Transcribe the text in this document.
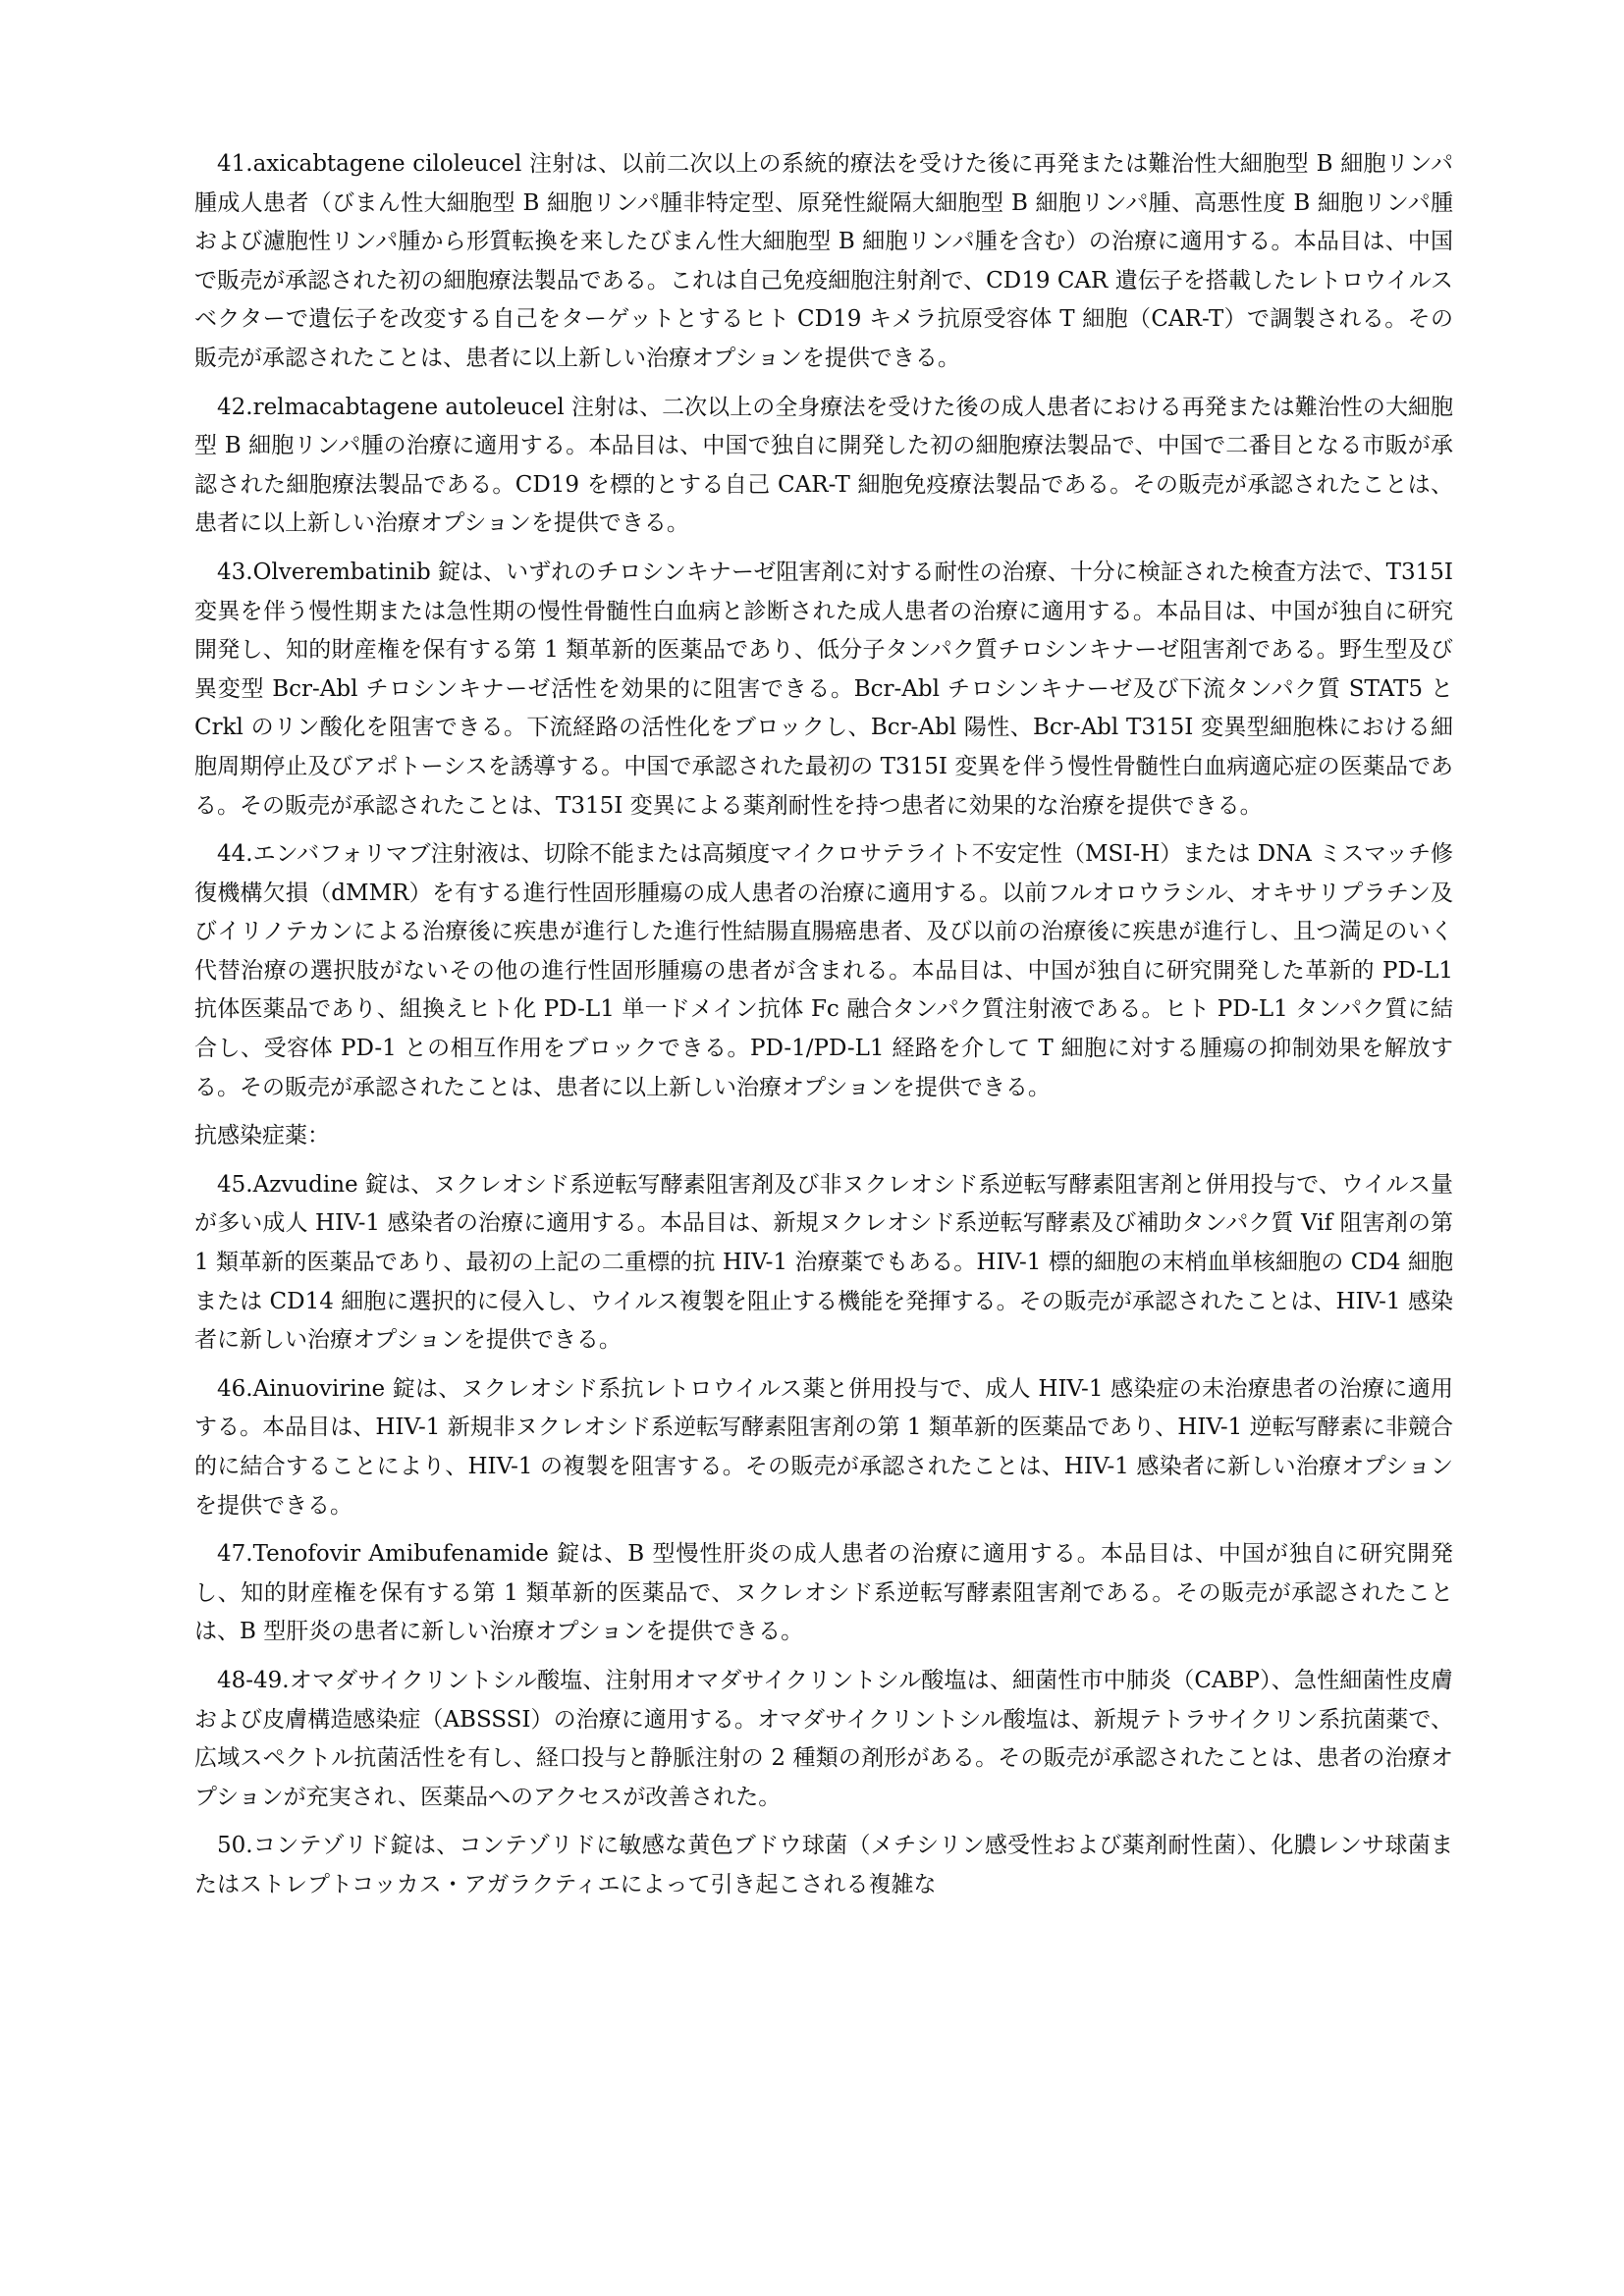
41.axicabtagene ciloleucel 注射は、以前二次以上の系統的療法を受けた後に再発または難治性大細胞型 B 細胞リンパ腫成人患者（びまん性大細胞型 B 細胞リンパ腫非特定型、原発性縦隔大細胞型 B 細胞リンパ腫、高悪性度 B 細胞リンパ腫および濾胞性リンパ腫から形質転換を来したびまん性大細胞型 B 細胞リンパ腫を含む）の治療に適用する。本品目は、中国で販売が承認された初の細胞療法製品である。これは自己免疫細胞注射剤で、CD19 CAR 遺伝子を搭載したレトロウイルスベクターで遺伝子を改変する自己をターゲットとするヒト CD19 キメラ抗原受容体 T 細胞（CAR-T）で調製される。その販売が承認されたことは、患者に以上新しい治療オプションを提供できる。

42.relmacabtagene autoleucel 注射は、二次以上の全身療法を受けた後の成人患者における再発または難治性の大細胞型 B 細胞リンパ腫の治療に適用する。本品目は、中国で独自に開発した初の細胞療法製品で、中国で二番目となる市販が承認された細胞療法製品である。CD19 を標的とする自己 CAR-T 細胞免疫療法製品である。その販売が承認されたことは、患者に以上新しい治療オプションを提供できる。

43.Olverembatinib 錠は、いずれのチロシンキナーゼ阻害剤に対する耐性の治療、十分に検証された検査方法で、T315I 変異を伴う慢性期または急性期の慢性骨髄性白血病と診断された成人患者の治療に適用する。本品目は、中国が独自に研究開発し、知的財産権を保有する第 1 類革新的医薬品であり、低分子タンパク質チロシンキナーゼ阻害剤である。野生型及び異変型 Bcr-Abl チロシンキナーゼ活性を効果的に阻害できる。Bcr-Abl チロシンキナーゼ及び下流タンパク質 STAT5 と Crkl のリン酸化を阻害できる。下流経路の活性化をブロックし、Bcr-Abl 陽性、Bcr-Abl T315I 変異型細胞株における細胞周期停止及びアポトーシスを誘導する。中国で承認された最初の T315I 変異を伴う慢性骨髄性白血病適応症の医薬品である。その販売が承認されたことは、T315I 変異による薬剤耐性を持つ患者に効果的な治療を提供できる。

44.エンバフォリマブ注射液は、切除不能または高頻度マイクロサテライト不安定性（MSI-H）または DNA ミスマッチ修復機構欠損（dMMR）を有する進行性固形腫瘍の成人患者の治療に適用する。以前フルオロウラシル、オキサリプラチン及びイリノテカンによる治療後に疾患が進行した進行性結腸直腸癌患者、及び以前の治療後に疾患が進行し、且つ満足のいく代替治療の選択肢がないその他の進行性固形腫瘍の患者が含まれる。本品目は、中国が独自に研究開発した革新的 PD-L1 抗体医薬品であり、組換えヒト化 PD-L1 単一ドメイン抗体 Fc 融合タンパク質注射液である。ヒト PD-L1 タンパク質に結合し、受容体 PD-1 との相互作用をブロックできる。PD-1/PD-L1 経路を介して T 細胞に対する腫瘍の抑制効果を解放する。その販売が承認されたことは、患者に以上新しい治療オプションを提供できる。

抗感染症薬：

45.Azvudine 錠は、ヌクレオシド系逆転写酵素阻害剤及び非ヌクレオシド系逆転写酵素阻害剤と併用投与で、ウイルス量が多い成人 HIV-1 感染者の治療に適用する。本品目は、新規ヌクレオシド系逆転写酵素及び補助タンパク質 Vif 阻害剤の第 1 類革新的医薬品であり、最初の上記の二重標的抗 HIV-1 治療薬でもある。HIV-1 標的細胞の末梢血単核細胞の CD4 細胞または CD14 細胞に選択的に侵入し、ウイルス複製を阻止する機能を発揮する。その販売が承認されたことは、HIV-1 感染者に新しい治療オプションを提供できる。

46.Ainuovirine 錠は、ヌクレオシド系抗レトロウイルス薬と併用投与で、成人 HIV-1 感染症の未治療患者の治療に適用する。本品目は、HIV-1 新規非ヌクレオシド系逆転写酵素阻害剤の第 1 類革新的医薬品であり、HIV-1 逆転写酵素に非競合的に結合することにより、HIV-1 の複製を阻害する。その販売が承認されたことは、HIV-1 感染者に新しい治療オプションを提供できる。

47.Tenofovir Amibufenamide 錠は、B 型慢性肝炎の成人患者の治療に適用する。本品目は、中国が独自に研究開発し、知的財産権を保有する第 1 類革新的医薬品で、ヌクレオシド系逆転写酵素阻害剤である。その販売が承認されたことは、B 型肝炎の患者に新しい治療オプションを提供できる。

48-49.オマダサイクリントシル酸塩、注射用オマダサイクリントシル酸塩は、細菌性市中肺炎（CABP）、急性細菌性皮膚および皮膚構造感染症（ABSSSI）の治療に適用する。オマダサイクリントシル酸塩は、新規テトラサイクリン系抗菌薬で、広域スペクトル抗菌活性を有し、経口投与と静脈注射の 2 種類の剤形がある。その販売が承認されたことは、患者の治療オプションが充実され、医薬品へのアクセスが改善された。

50.コンテゾリド錠は、コンテゾリドに敏感な黄色ブドウ球菌（メチシリン感受性および薬剤耐性菌）、化膿レンサ球菌またはストレプトコッカス・アガラクティエによって引き起こされる複雑な
